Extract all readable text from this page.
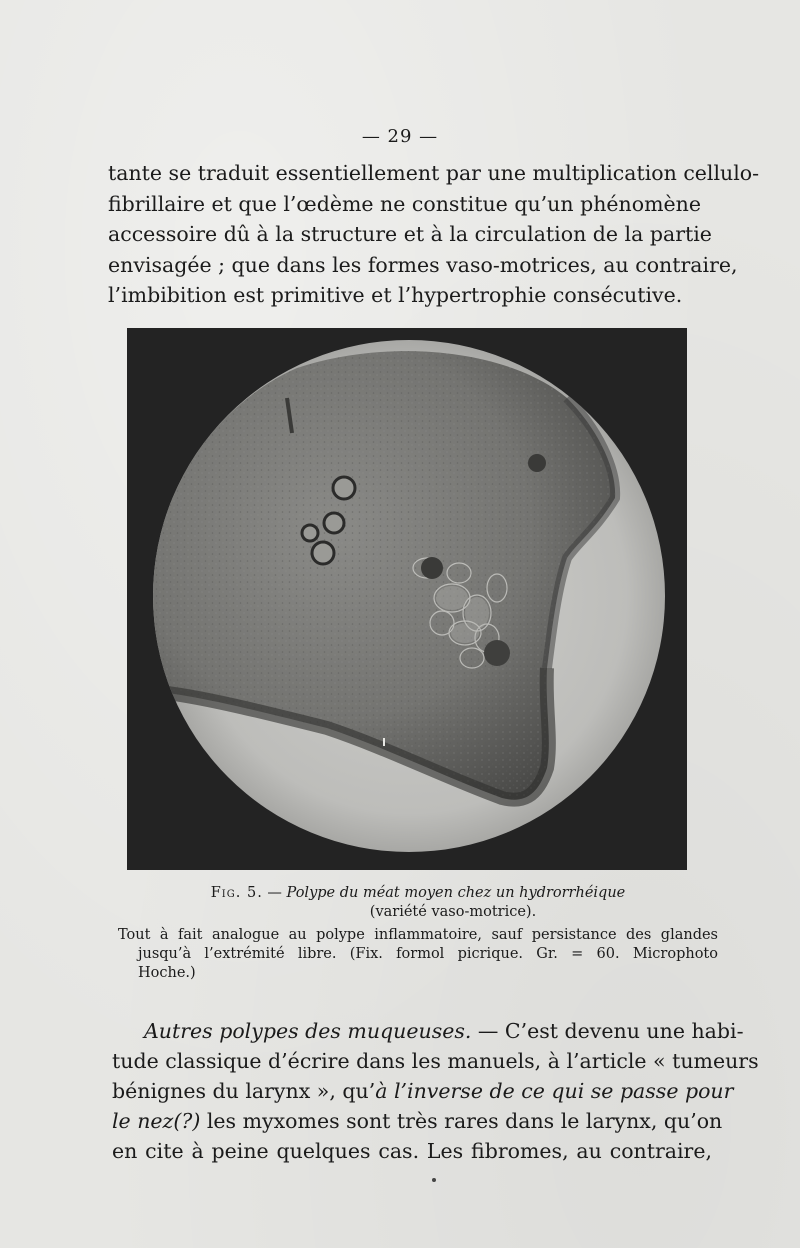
— 29 —
tante se traduit essentiellement par une multiplication cellulo-
fibrillaire et que l’œdème ne constitue qu’un phénomène
accessoire dû à la structure et à la circulation de la partie
envisagée ; que dans les formes vaso-motrices, au contraire,
l’imbibition est primitive et l’hypertrophie consécutive.
Fig. 5. — Polype du méat moyen chez un hydrorrhéique
(variété vaso-motrice).
Tout à fait analogue au polype inflammatoire, sauf persistance des glandes
jusqu’à l’extrémité libre. (Fix. formol picrique. Gr. = 60. Microphoto
Hoche.)
Autres polypes des muqueuses. — C’est devenu une habi-
tude classique d’écrire dans les manuels, à l’article « tumeurs
bénignes du larynx », qu’à l’inverse de ce qui se passe pour
le nez(?) les myxomes sont très rares dans le larynx, qu’on
en cite à peine quelques cas. Les fibromes, au contraire,
